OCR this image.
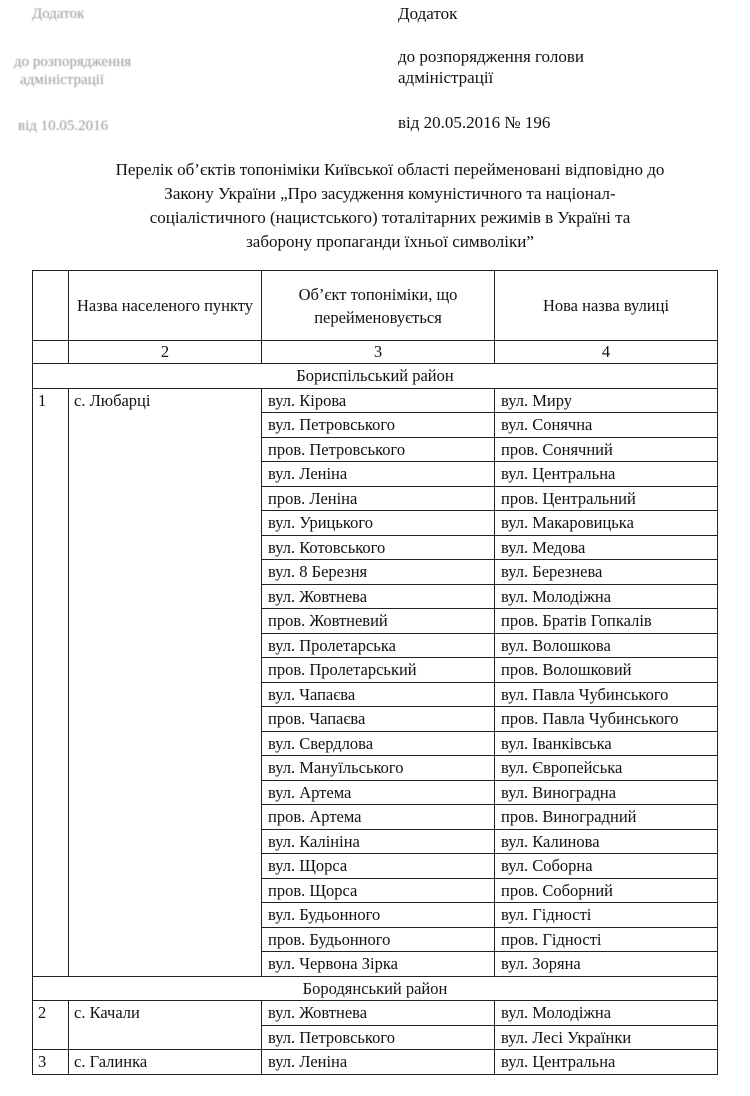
Додаток
до розпорядження
адміністрації
від 10.05.2016
Додаток
до розпорядження голови
адміністрації
від 20.05.2016 № 196
Перелік об’єктів топоніміки Київської області перейменовані відповідно до
Закону України „Про засудження комуністичного та націонал-
соціалістичного (нацистського) тоталітарних режимів в Україні та
заборону пропаганди їхньої символіки”
	Назва населеного пункту	Об’єкт топоніміки, що перейменовується	Нова назва вулиці
	2	3	4
Бориспільський район			
1	с. Любарці	вул. Кірова	вул. Миру
		вул. Петровського	вул. Сонячна
		пров. Петровського	пров. Сонячний
		вул. Леніна	вул. Центральна
		пров. Леніна	пров. Центральний
		вул. Урицького	вул. Макаровицька
		вул. Котовського	вул. Медова
		вул. 8 Березня	вул. Березнева
		вул. Жовтнева	вул. Молодіжна
		пров. Жовтневий	пров. Братів Гопкалів
		вул. Пролетарська	вул. Волошкова
		пров. Пролетарський	пров. Волошковий
		вул. Чапаєва	вул. Павла Чубинського
		пров. Чапаєва	пров. Павла Чубинського
		вул. Свердлова	вул. Іванківська
		вул. Мануїльського	вул. Європейська
		вул. Артема	вул. Виноградна
		пров. Артема	пров. Виноградний
		вул. Калініна	вул. Калинова
		вул. Щорса	вул. Соборна
		пров. Щорса	пров. Соборний
		вул. Будьонного	вул. Гідності
		пров. Будьонного	пров. Гідності
		вул. Червона Зірка	вул. Зоряна
Бородянський район			
2	с. Качали	вул. Жовтнева	вул. Молодіжна
		вул. Петровського	вул. Лесі Українки
3	с. Галинка	вул. Леніна	вул. Центральна
